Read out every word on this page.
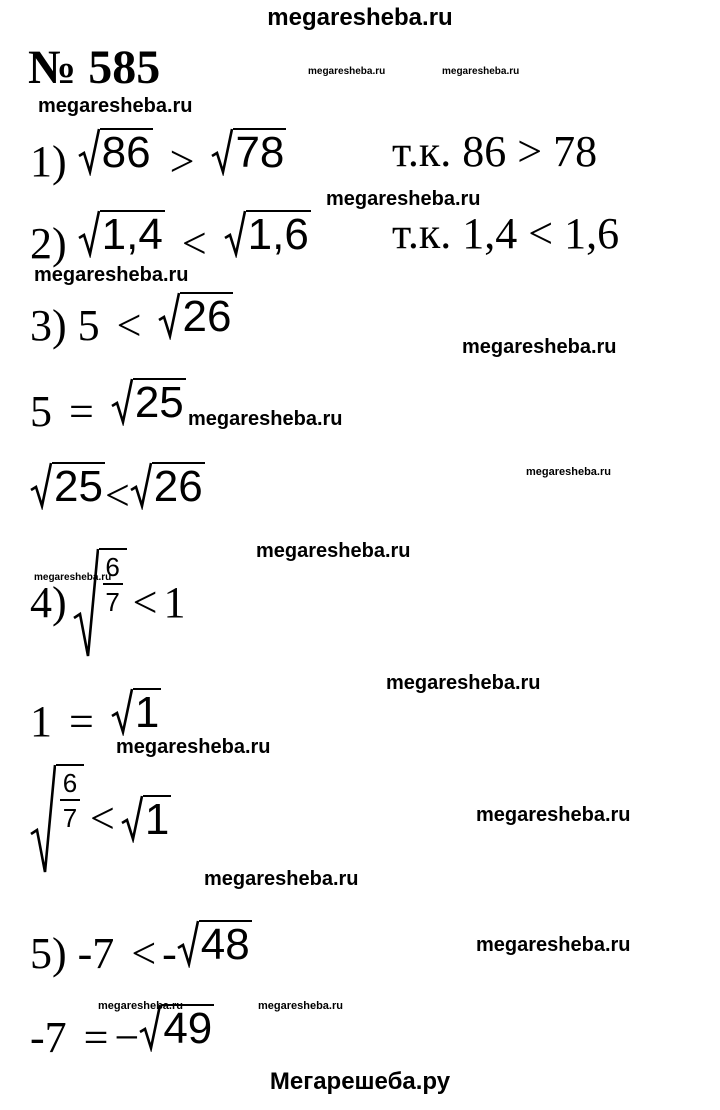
megaresheba.ru
№ 585	megaresheba.ru	megaresheba.ru
megaresheba.ru
megaresheba.ru
megaresheba.ru
megaresheba.ru
megaresheba.ru
megaresheba.ru
megaresheba.ru
megaresheba.ru
megaresheba.ru
megaresheba.ru
megaresheba.ru
megaresheba.ru
megaresheba.ru
megaresheba.ru	megaresheba.ru
1) 86 > 78 т.к. 86 > 78
2) 1,4 < 1,6 т.к. 1,4 < 1,6
3) 5 < 26
5 = 25
25 < 26
$4) \frac{6}{7} < 1$
1 = 1
$\frac{6}{7} < 1$
5) -7 < - 48
-7 = − 49
Мегарешеба.ру
